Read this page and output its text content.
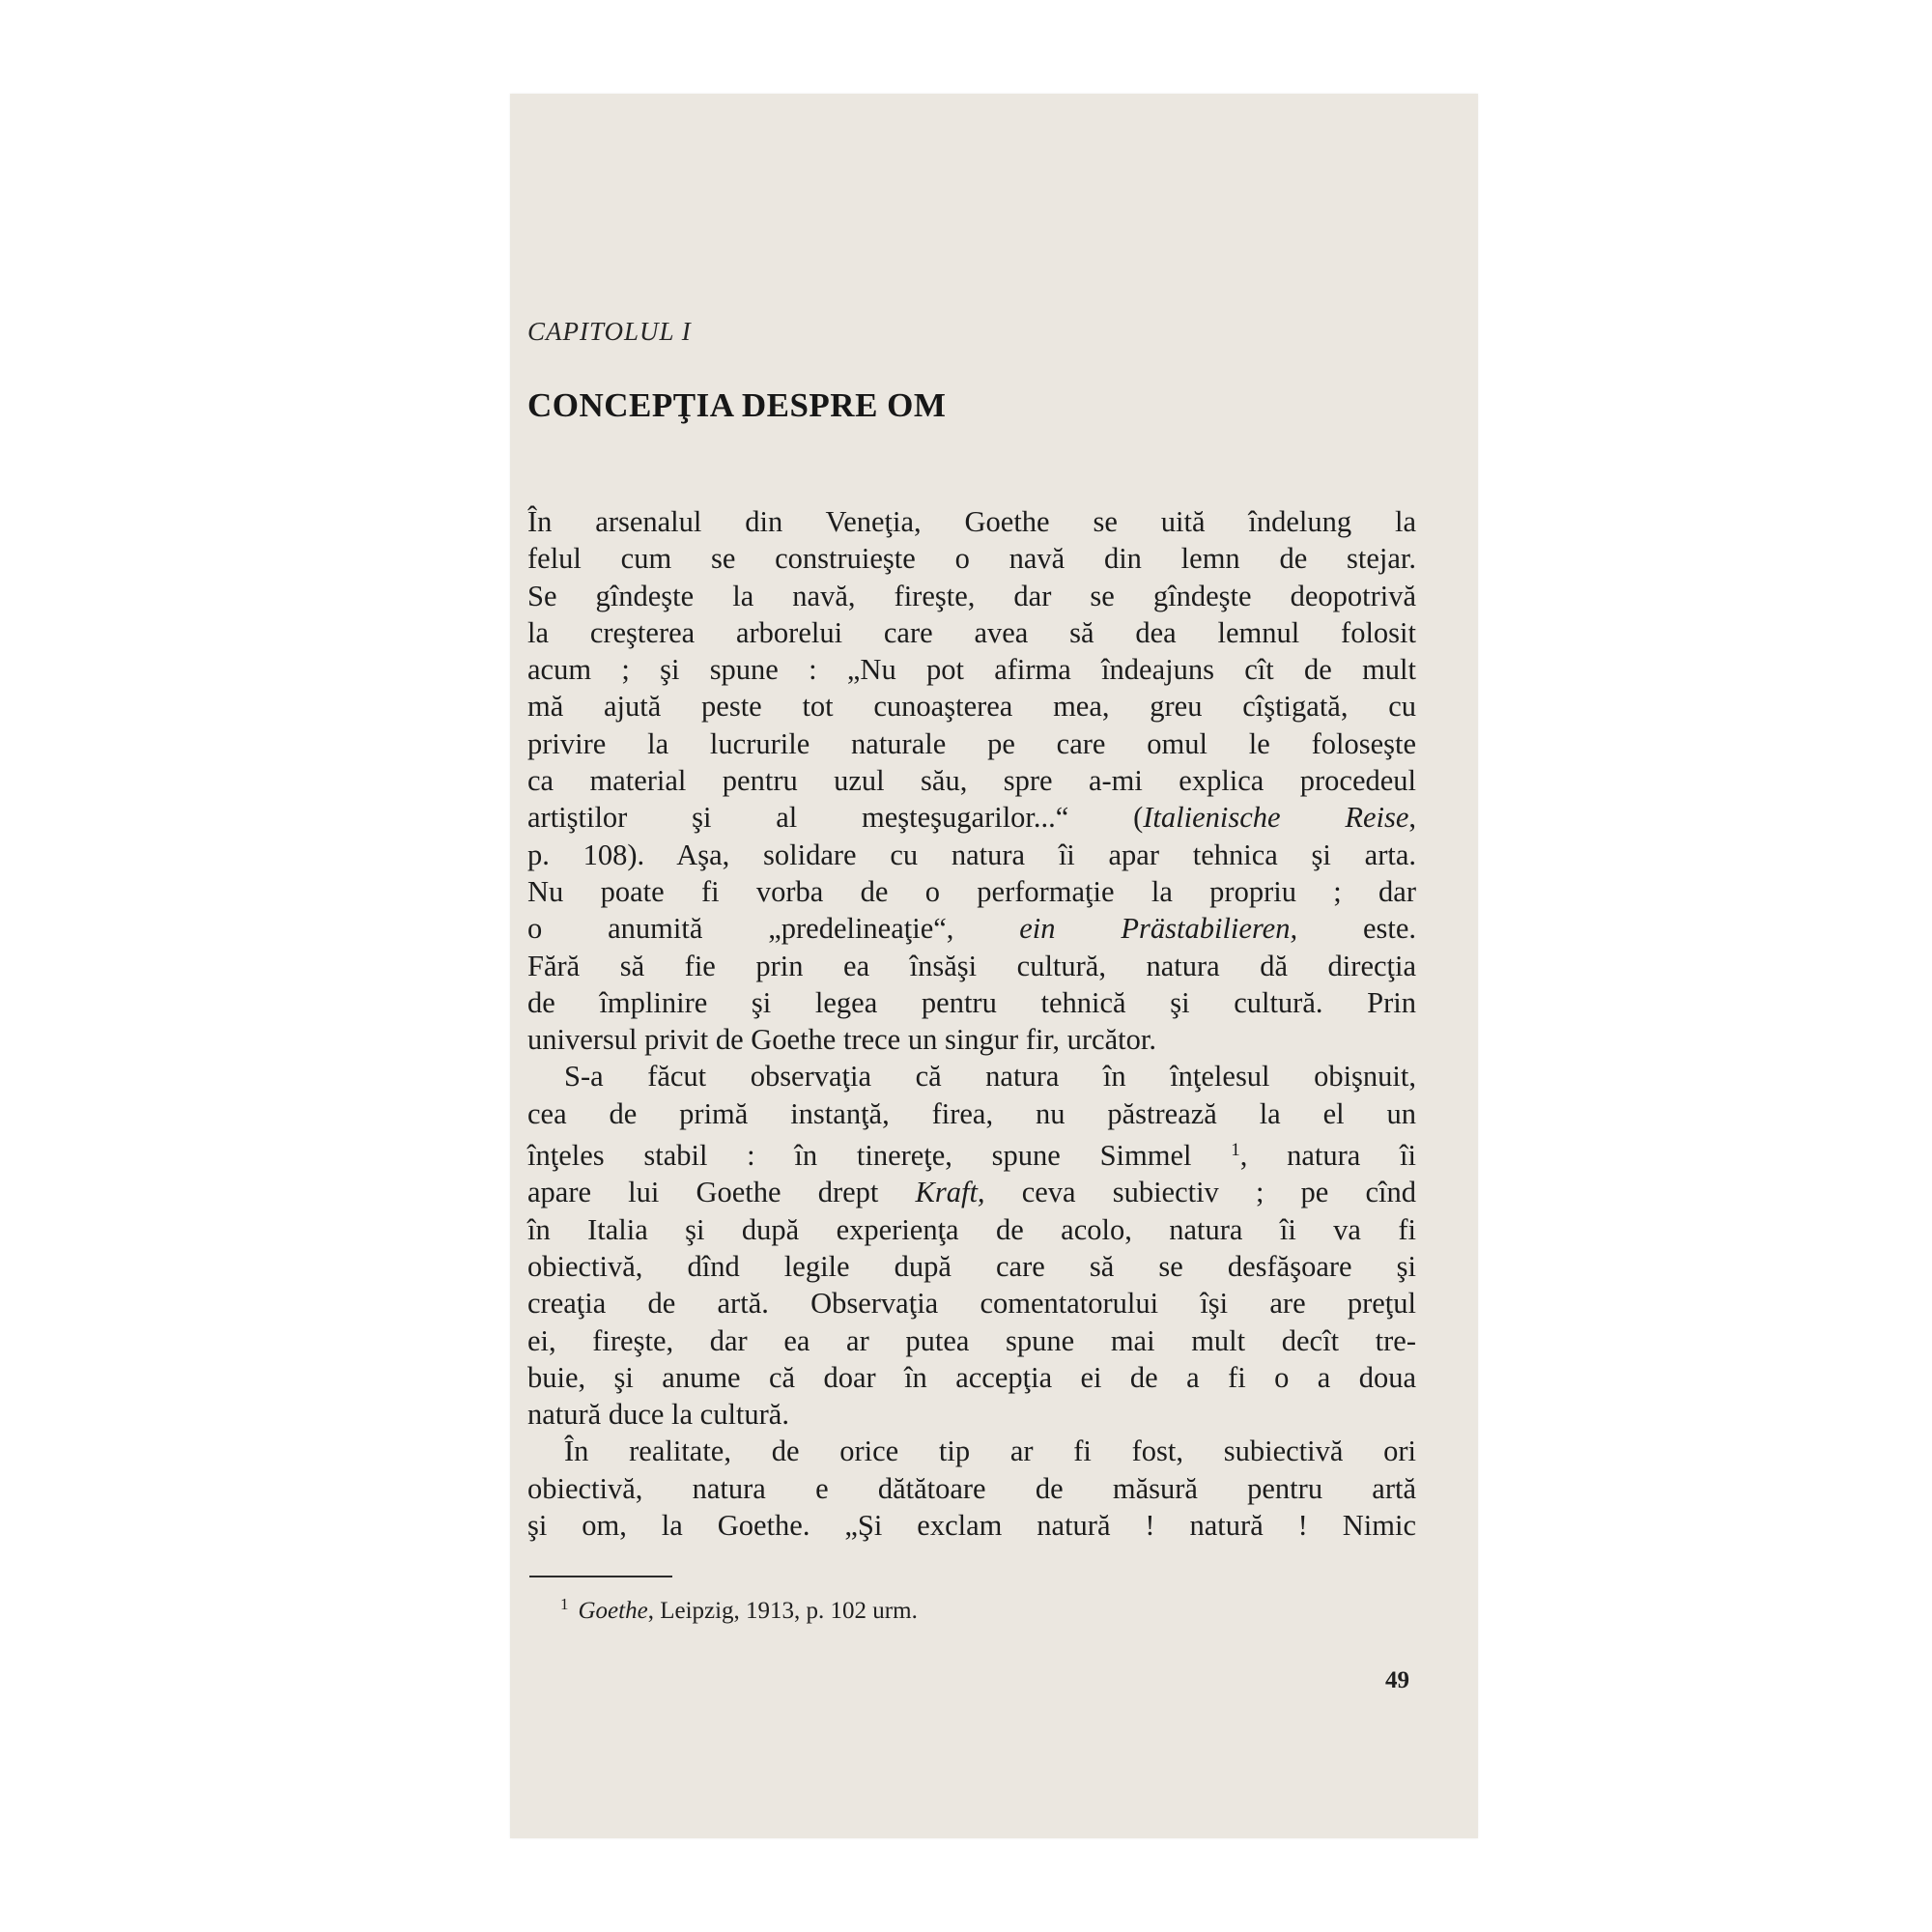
CAPITOLUL I
CONCEPŢIA DESPRE OM
În arsenalul din Veneţia, Goethe se uită îndelung la
felul cum se construieşte o navă din lemn de stejar.
Se gîndeşte la navă, fireşte, dar se gîndeşte deopotrivă
la creşterea arborelui care avea să dea lemnul folosit
acum ; şi spune : „Nu pot afirma îndeajuns cît de mult
mă ajută peste tot cunoaşterea mea, greu cîştigată, cu
privire la lucrurile naturale pe care omul le foloseşte
ca material pentru uzul său, spre a-mi explica procedeul
artiştilor şi al meşteşugarilor...“ (Italienische Reise,
p. 108). Aşa, solidare cu natura îi apar tehnica şi arta.
Nu poate fi vorba de o performaţie la propriu ; dar
o anumită „predelineaţie“, ein Prästabilieren, este.
Fără să fie prin ea însăşi cultură, natura dă direcţia
de împlinire şi legea pentru tehnică şi cultură. Prin
universul privit de Goethe trece un singur fir, urcător.
S-a făcut observaţia că natura în înţelesul obişnuit,
cea de primă instanţă, firea, nu păstrează la el un
înţeles stabil : în tinereţe, spune Simmel $^1$, natura îi
apare lui Goethe drept Kraft, ceva subiectiv ; pe cînd
în Italia şi după experienţa de acolo, natura îi va fi
obiectivă, dînd legile după care să se desfăşoare şi
creaţia de artă. Observaţia comentatorului îşi are preţul
ei, fireşte, dar ea ar putea spune mai mult decît tre-
buie, şi anume că doar în accepţia ei de a fi o a doua
natură duce la cultură.
În realitate, de orice tip ar fi fost, subiectivă ori
obiectivă, natura e dătătoare de măsură pentru artă
şi om, la Goethe. „Şi exclam natură ! natură ! Nimic
$^1$ Goethe, Leipzig, 1913, p. 102 urm.
49
